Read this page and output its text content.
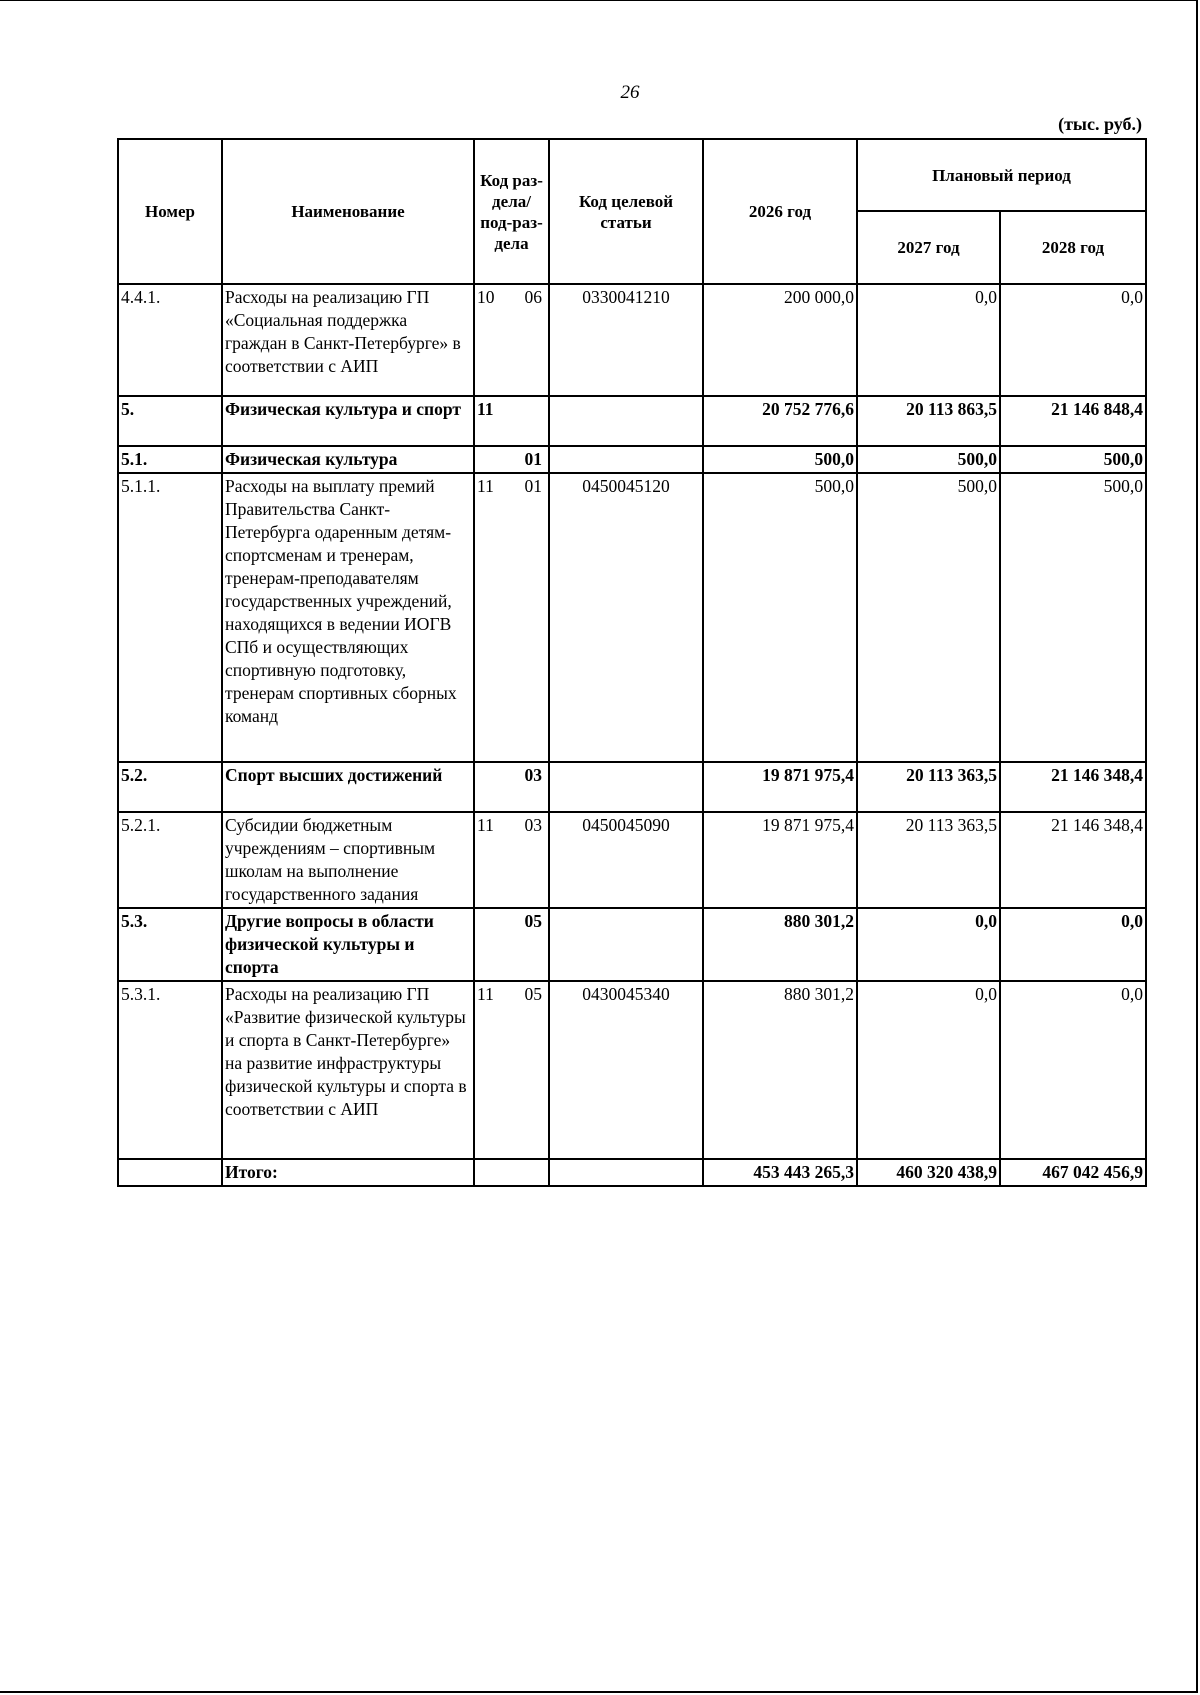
26
(тыс. руб.)
Номер	Наименование	Код раз-дела/ под-раз-дела	Код целевой статьи	2026 год	Плановый период	
					2027 год	2028 год
4.4.1.	Расходы на реализацию ГП «Социальная поддержка граждан в Санкт-Петербурге» в соответствии с АИП	10 06	0330041210	200 000,0	0,0	0,0
5.	Физическая культура и спорт	11		20 752 776,6	20 113 863,5	21 146 848,4
5.1.	Физическая культура	01		500,0	500,0	500,0
5.1.1.	Расходы на выплату премий Правительства Санкт-Петербурга одаренным детям-спортсменам и тренерам, тренерам-преподавателям государственных учреждений, находящихся в ведении ИОГВ СПб и осуществляющих спортивную подготовку, тренерам спортивных сборных команд	11 01	0450045120	500,0	500,0	500,0
5.2.	Спорт высших достижений	03		19 871 975,4	20 113 363,5	21 146 348,4
5.2.1.	Субсидии бюджетным учреждениям – спортивным школам на выполнение государственного задания	11 03	0450045090	19 871 975,4	20 113 363,5	21 146 348,4
5.3.	Другие вопросы в области физической культуры и спорта	05		880 301,2	0,0	0,0
5.3.1.	Расходы на реализацию ГП «Развитие физической культуры и спорта в Санкт-Петербурге» на развитие инфраструктуры физической культуры и спорта в соответствии с АИП	11 05	0430045340	880 301,2	0,0	0,0
	Итого:			453 443 265,3	460 320 438,9	467 042 456,9
